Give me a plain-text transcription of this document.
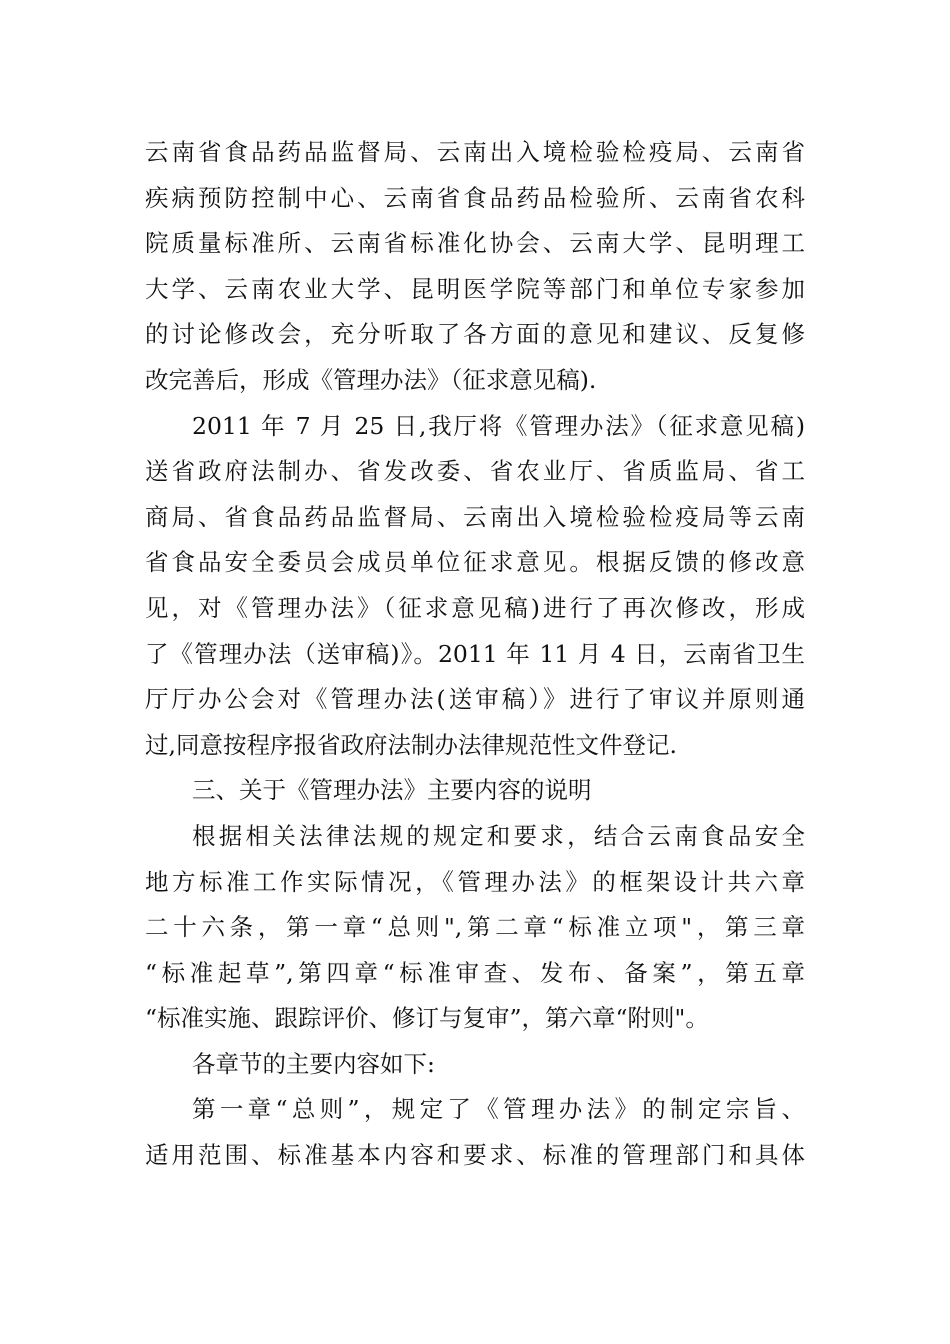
云南省食品药品监督局、云南出入境检验检疫局、云南省
疾病预防控制中心、云南省食品药品检验所、云南省农科
院质量标准所、云南省标准化协会、云南大学、昆明理工
大学、云南农业大学、昆明医学院等部门和单位专家参加
的讨论修改会，充分听取了各方面的意见和建议、反复修
改完善后，形成《管理办法》（征求意见稿).
2011 年 7 月 25 日,我厅将《管理办法》（征求意见稿)
送省政府法制办、省发改委、省农业厅、省质监局、省工
商局、省食品药品监督局、云南出入境检验检疫局等云南
省食品安全委员会成员单位征求意见。根据反馈的修改意
见，对《管理办法》（征求意见稿)进行了再次修改，形成
了《管理办法（送审稿)》。2011 年 11 月 4 日，云南省卫生
厅厅办公会对《管理办法(送审稿）》进行了审议并原则通
过,同意按程序报省政府法制办法律规范性文件登记.
三、关于《管理办法》主要内容的说明
根据相关法律法规的规定和要求，结合云南食品安全
地方标准工作实际情况，《管理办法》的框架设计共六章
二十六条，第一章“总则",第二章“标准立项"，第三章
“标准起草”,第四章“标准审查、发布、备案”，第五章
“标准实施、跟踪评价、修订与复审”，第六章“附则"。
各章节的主要内容如下:
第一章“总则”，规定了《管理办法》的制定宗旨、
适用范围、标准基本内容和要求、标准的管理部门和具体
